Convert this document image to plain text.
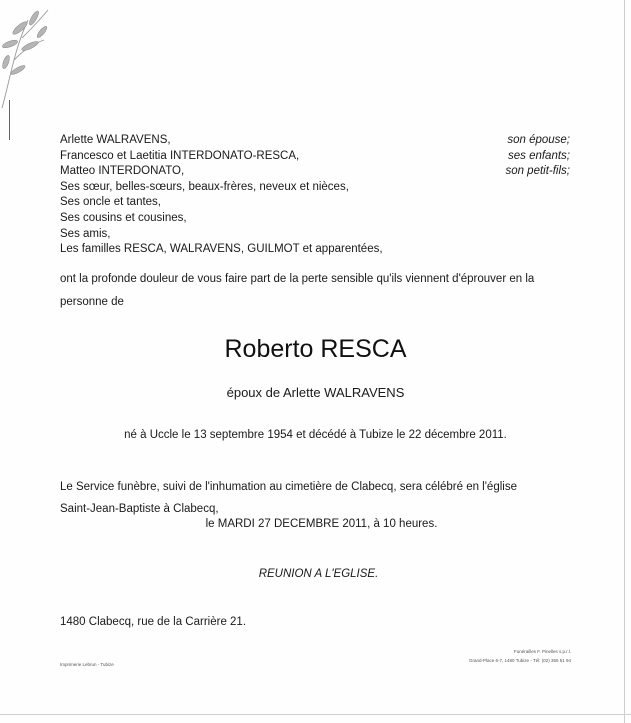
Arlette WALRAVENS,	son épouse;
Francesco et Laetitia INTERDONATO-RESCA,	ses enfants;
Matteo INTERDONATO,	son petit-fils;
Ses sœur, belles-sœurs, beaux-frères, neveux et nièces,
Ses oncle et tantes,
Ses cousins et cousines,
Ses amis,
Les familles RESCA, WALRAVENS, GUILMOT et apparentées,
ont la profonde douleur de vous faire part de la perte sensible qu'ils viennent d'éprouver en la
personne de
Roberto RESCA
époux de Arlette WALRAVENS
né à Uccle le 13 septembre 1954 et décédé à Tubize le 22 décembre 2011.
Le Service funèbre, suivi de l'inhumation au cimetière de Clabecq, sera célébré en l'église
Saint-Jean-Baptiste à Clabecq,
le MARDI 27 DECEMBRE 2011, à 10 heures.
REUNION A L'EGLISE.
1480 Clabecq, rue de la Carrière 21.
Imprimerie Lebrun - Tubize
Funérailles F. Pinelles s.p.r.l.
Grand-Place 6-7, 1480 Tubize - Tél: (02) 355 51 94
